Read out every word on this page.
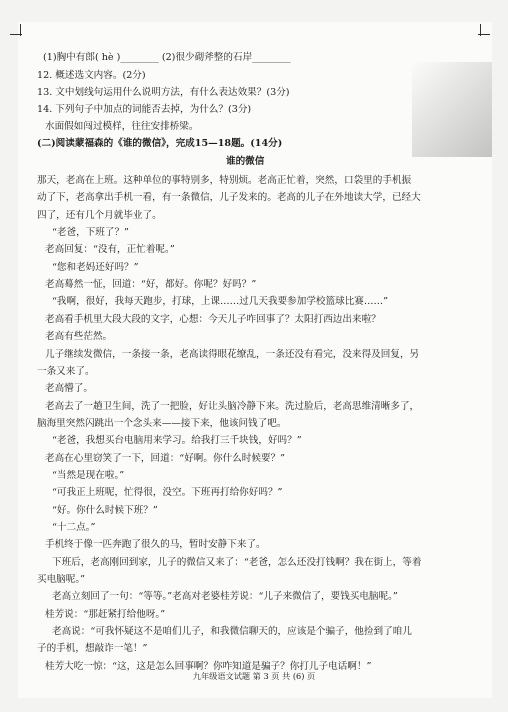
(1)胸中有郎( hè )________ (2)很少砌斧整的石岸________
12. 概述选文内容。(2分)
13. 文中划线句运用什么说明方法，有什么表达效果？(3分)
14. 下列句子中加点的词能否去掉，为什么？(3分)
水面假如闯过模样，往往安排桥梁。
(二)阅读蒙福森的《谁的微信》，完成15—18题。(14分)
谁的微信
那天，老高在上班。这种单位的事特别多，特别烦。老高正忙着，突然，口袋里的手机振
动了下，老高拿出手机一看，有一条微信，儿子发来的。老高的儿子在外地读大学，已经大
四了，还有几个月就毕业了。
“老爸，下班了？”
老高回复：“没有，正忙着呢。”
“您和老妈还好吗？”
老高蓦然一怔，回道：“好，都好。你呢？好吗？”
“我啊，很好，我每天跑步，打球，上课……过几天我要参加学校篮球比赛……”
老高看手机里大段大段的文字，心想：今天儿子咋回事了？太阳打西边出来啦？
老高有些茫然。
儿子继续发微信，一条接一条，老高读得眼花缭乱，一条还没有看完，没来得及回复，另
一条又来了。
老高懵了。
老高去了一趟卫生间，洗了一把脸，好让头脑冷静下来。洗过脸后，老高思维清晰多了，
脑海里突然闪跳出一个念头来——接下来，他该问钱了吧。
“老爸，我想买台电脑用来学习。给我打三千块钱，好吗？”
老高在心里窃笑了一下，回道：“好啊。你什么时候要？”
“当然是现在啦。”
“可我正上班呢，忙得很，没空。下班再打给你好吗？”
“好。你什么时候下班？”
“十二点。”
手机终于像一匹奔跑了很久的马，暂时安静下来了。
下班后，老高刚回到家，儿子的微信又来了：“老爸，怎么还没打钱啊？我在街上，等着
买电脑呢。”
老高立刻回了一句：“等等。”老高对老婆桂芳说：“儿子来微信了，要钱买电脑呢。”
桂芳说：“那赶紧打给他呀。”
老高说：“可我怀疑这不是咱们儿子，和我微信聊天的，应该是个骗子，他捡到了咱儿
子的手机，想敲诈一笔！”
桂芳大吃一惊：“这，这是怎么回事啊？你咋知道是骗子？你打儿子电话啊！”
九年级语文试题 第 3 页 共 (6) 页
